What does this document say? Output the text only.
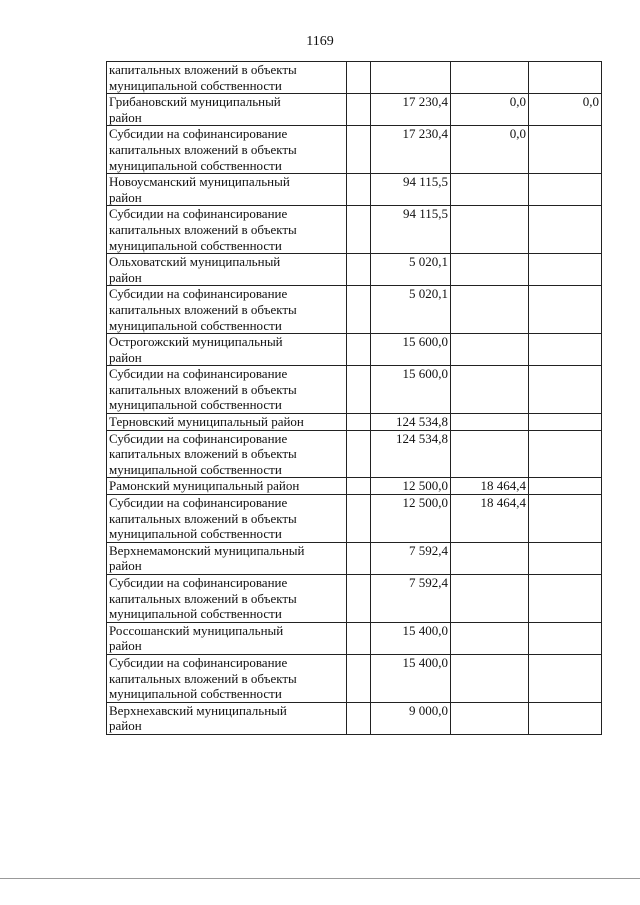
1169
капитальных вложений в объекты
муниципальной собственности				
Грибановский муниципальный
район		17 230,4	0,0	0,0
Субсидии на софинансирование
капитальных вложений в объекты
муниципальной собственности		17 230,4	0,0	
Новоусманский муниципальный
район		94 115,5		
Субсидии на софинансирование
капитальных вложений в объекты
муниципальной собственности		94 115,5		
Ольховатский муниципальный
район		5 020,1		
Субсидии на софинансирование
капитальных вложений в объекты
муниципальной собственности		5 020,1		
Острогожский муниципальный
район		15 600,0		
Субсидии на софинансирование
капитальных вложений в объекты
муниципальной собственности		15 600,0		
Терновский муниципальный район		124 534,8		
Субсидии на софинансирование
капитальных вложений в объекты
муниципальной собственности		124 534,8		
Рамонский муниципальный район		12 500,0	18 464,4	
Субсидии на софинансирование
капитальных вложений в объекты
муниципальной собственности		12 500,0	18 464,4	
Верхнемамонский муниципальный
район		7 592,4		
Субсидии на софинансирование
капитальных вложений в объекты
муниципальной собственности		7 592,4		
Россошанский муниципальный
район		15 400,0		
Субсидии на софинансирование
капитальных вложений в объекты
муниципальной собственности		15 400,0		
Верхнехавский муниципальный
район		9 000,0		
